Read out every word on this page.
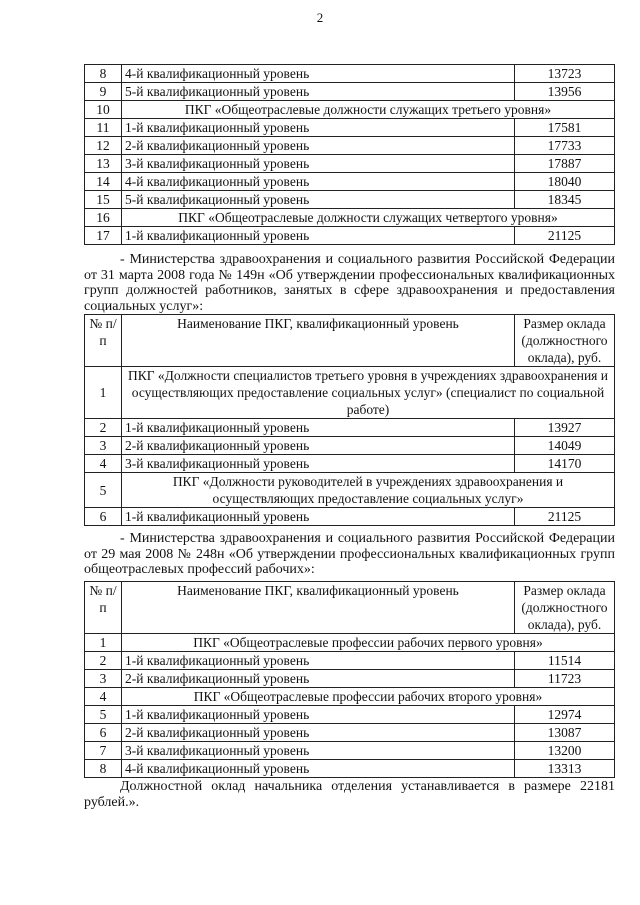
2
8	4-й квалификационный уровень	13723
9	5-й квалификационный уровень	13956
10	ПКГ «Общеотраслевые должности служащих третьего уровня»	
11	1-й квалификационный уровень	17581
12	2-й квалификационный уровень	17733
13	3-й квалификационный уровень	17887
14	4-й квалификационный уровень	18040
15	5-й квалификационный уровень	18345
16	ПКГ «Общеотраслевые должности служащих четвертого уровня»	
17	1-й квалификационный уровень	21125
- Министерства здравоохранения и социального развития Российской Федерации от 31 марта 2008 года № 149н «Об утверждении профессиональных квалификационных групп должностей работников, занятых в сфере здравоохранения и предоставления социальных услуг»:
№ п/п	Наименование ПКГ, квалификационный уровень	Размер оклада (должностного оклада), руб.
1	ПКГ «Должности специалистов третьего уровня в учреждениях здравоохранения и осуществляющих предоставление социальных услуг» (специалист по социальной работе)	
2	1-й квалификационный уровень	13927
3	2-й квалификационный уровень	14049
4	3-й квалификационный уровень	14170
5	ПКГ «Должности руководителей в учреждениях здравоохранения и осуществляющих предоставление социальных услуг»	
6	1-й квалификационный уровень	21125
- Министерства здравоохранения и социального развития Российской Федерации от 29 мая 2008 № 248н «Об утверждении профессиональных квалификационных групп общеотраслевых профессий рабочих»:
№ п/п	Наименование ПКГ, квалификационный уровень	Размер оклада (должностного оклада), руб.
1	ПКГ «Общеотраслевые профессии рабочих первого уровня»	
2	1-й квалификационный уровень	11514
3	2-й квалификационный уровень	11723
4	ПКГ «Общеотраслевые профессии рабочих второго уровня»	
5	1-й квалификационный уровень	12974
6	2-й квалификационный уровень	13087
7	3-й квалификационный уровень	13200
8	4-й квалификационный уровень	13313
Должностной оклад начальника отделения устанавливается в размере 22181 рублей.».
